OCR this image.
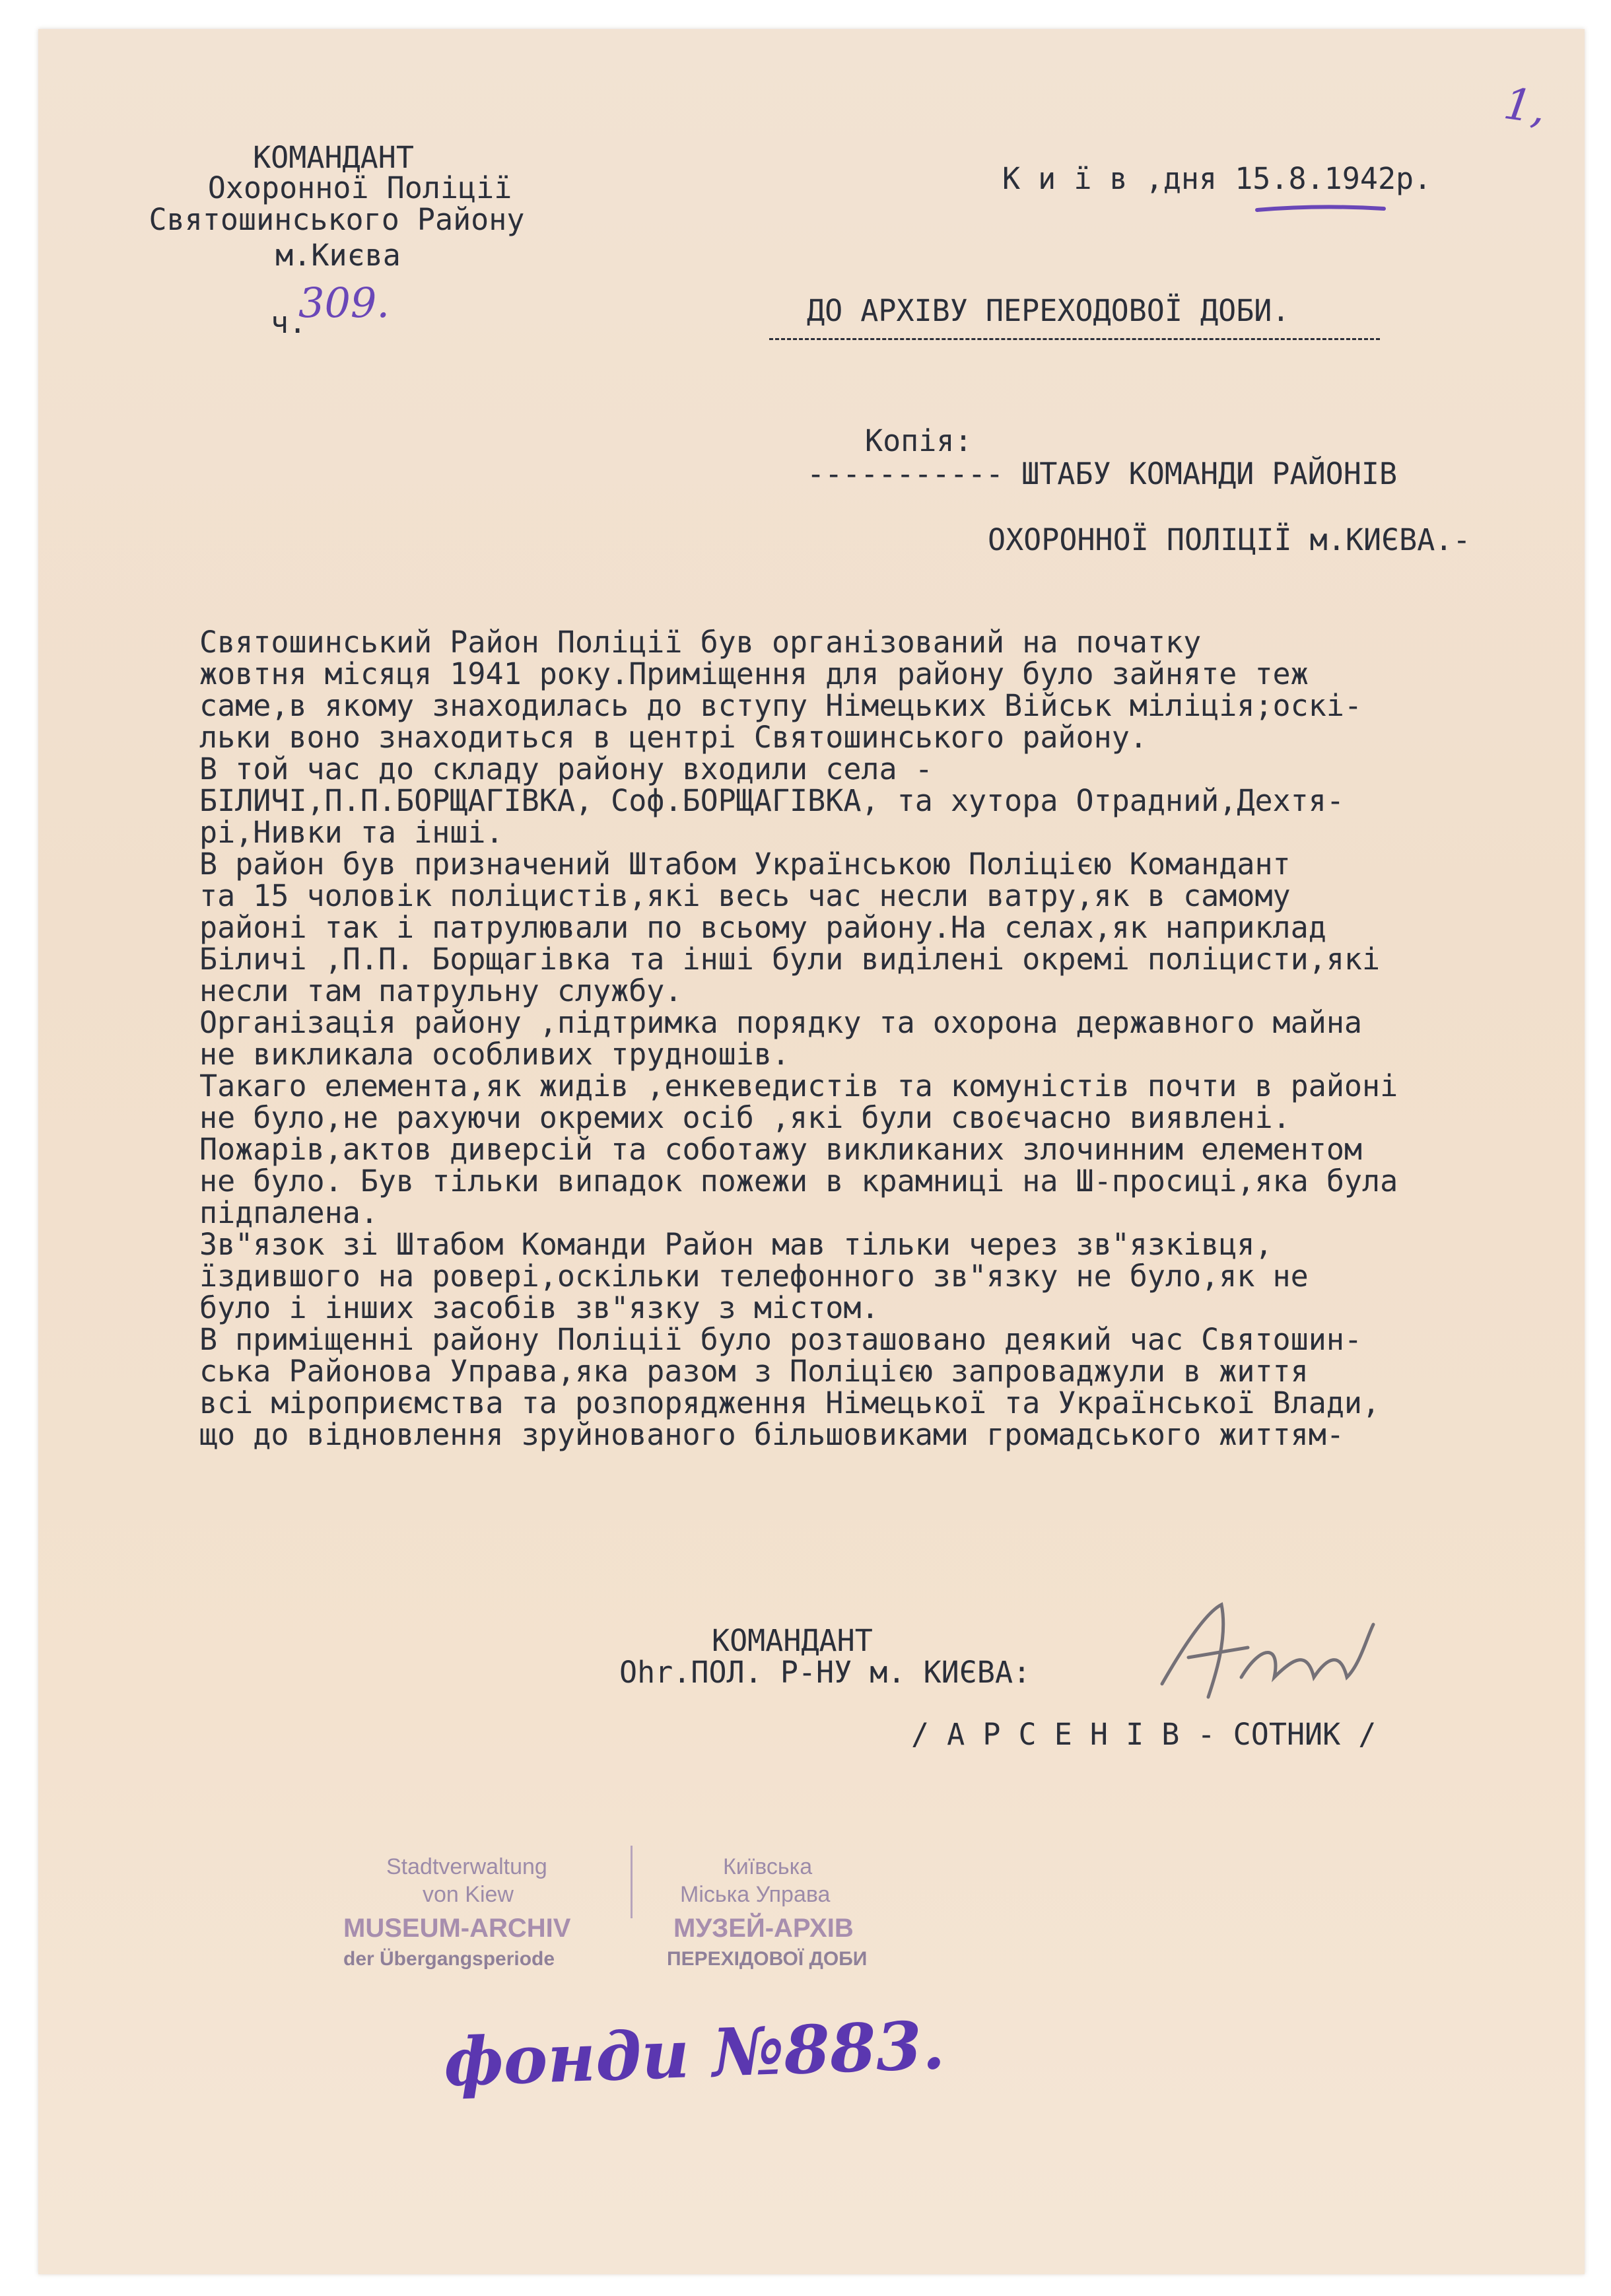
КОМАНДАНТ
Охоронної Поліції
Святошинського Району
м.Києва
ч.
309.
К и ї в ,дня 15.8.1942р.
1,
ДО АРХІВУ ПЕРЕХОДОВОЇ ДОБИ.
Копія:
----------- ШТАБУ КОМАНДИ РАЙОНІВ
ОХОРОННОЇ ПОЛІЦІЇ м.КИЄВА.-
Святошинський Район Поліції був організований на початку
жовтня місяця 1941 року.Приміщення для району було зайняте теж
саме,в якому знаходилась до вступу Німецьких Військ міліція;оскі-
льки воно знаходиться в центрі Святошинського району.
В той час до складу району входили села -
БІЛИЧІ,П.П.БОРЩАГІВКА, Соф.БОРЩАГІВКА, та хутора Отрадний,Дехтя-
рі,Нивки та інші.
В район був призначений Штабом Українською Поліцією Командант
та 15 чоловік поліцистів,які весь час несли ватру,як в самому
районі так і патрулювали по всьому району.На селах,як наприклад
Біличі ,П.П. Борщагівка та інші були виділені окремі поліцисти,які
несли там патрульну службу.
Організація району ,підтримка порядку та охорона державного майна
не викликала особливих трудношів.
Такаго елемента,як жидів ,енкеведистів та комуністів почти в районі
не було,не рахуючи окремих осіб ,які були своєчасно виявлені.
Пожарів,актов диверсій та соботажу викликаних злочинним елементом
не було. Був тільки випадок пожежи в крамниці на Ш-просиці,яка була
підпалена.
Зв"язок зі Штабом Команди Район мав тільки через зв"язківця,
їздившого на ровері,оскільки телефонного зв"язку не було,як не
було і інших засобів зв"язку з містом.
В приміщенні району Поліції було розташовано деякий час Святошин-
ська Районова Управа,яка разом з Поліцією запроваджули в життя
всі міроприємства та розпорядження Німецької та Української Влади,
що до відновлення зруйнованого більшовиками громадського життям-
КОМАНДАНТ
Ohr.ПОЛ. Р-НУ м. КИЄВА:
/ А Р С Е Н І В - СОТНИК /
Stadtverwaltung
von Kiew
MUSEUM-ARCHIV
der Übergangsperiode
Київська
Міська Управа
МУЗЕЙ-АРХІВ
ПЕРЕХІДОВОЇ ДОБИ
фонди №883.
